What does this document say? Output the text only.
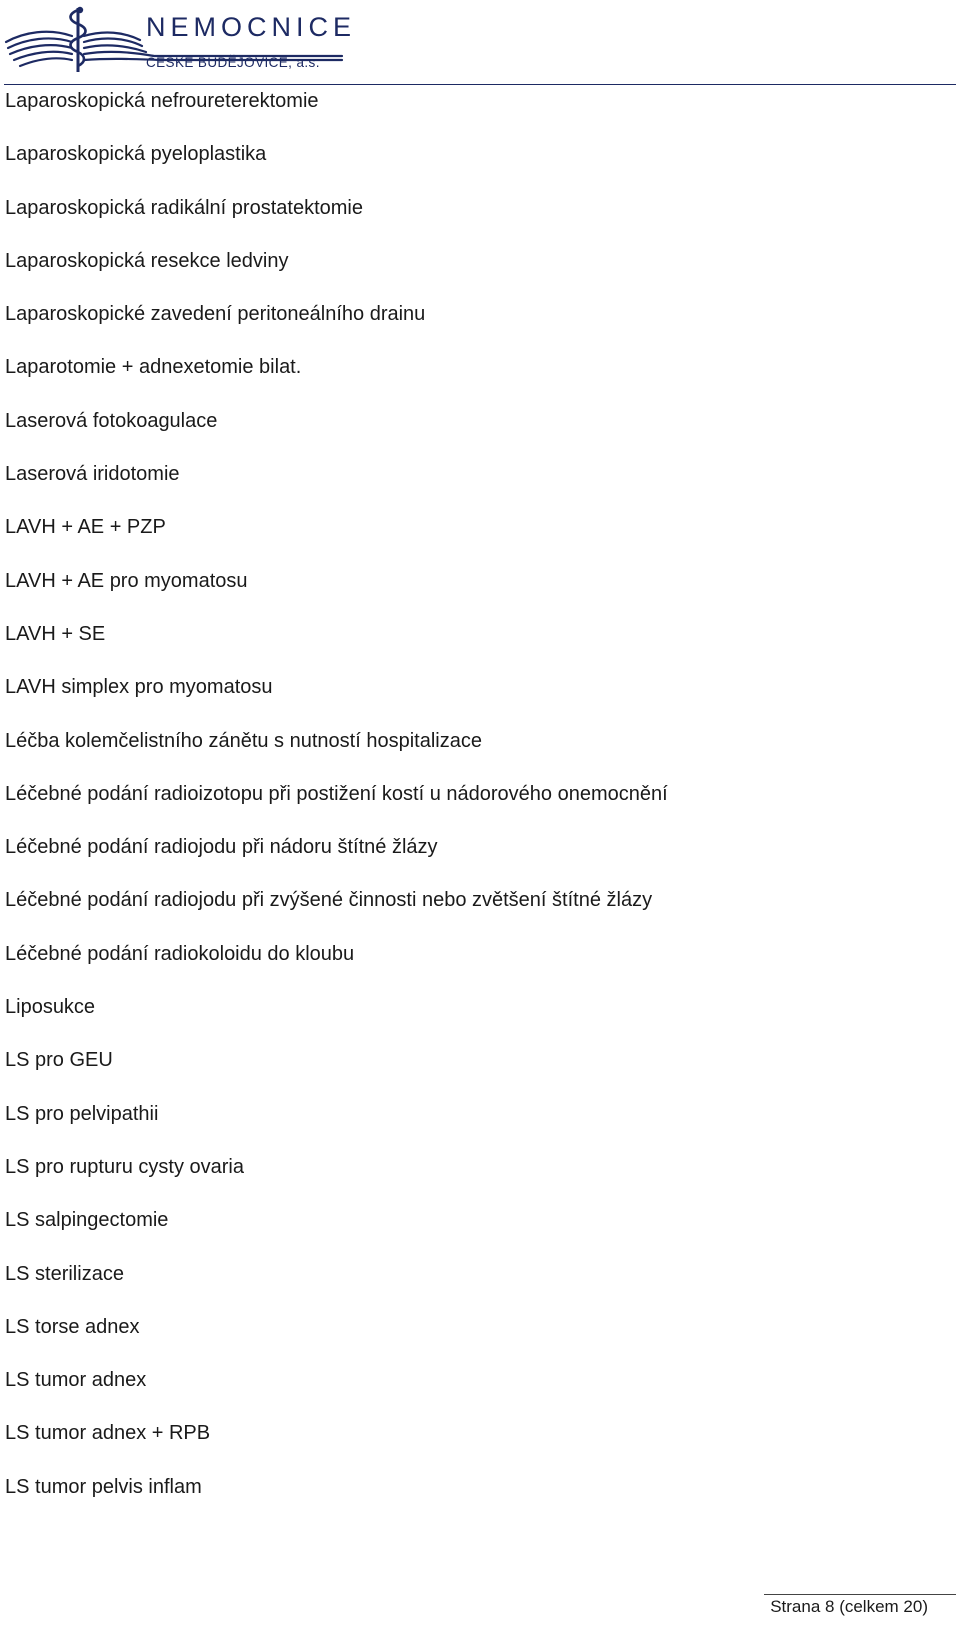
NEMOCNICE
ČESKÉ BUDĚJOVICE, a.s.
Laparoskopická nefroureterektomie
Laparoskopická pyeloplastika
Laparoskopická radikální prostatektomie
Laparoskopická resekce ledviny
Laparoskopické zavedení peritoneálního drainu
Laparotomie + adnexetomie bilat.
Laserová fotokoagulace
Laserová iridotomie
LAVH + AE + PZP
LAVH + AE pro myomatosu
LAVH + SE
LAVH simplex pro myomatosu
Léčba kolemčelistního zánětu s nutností hospitalizace
Léčebné podání radioizotopu při postižení kostí u nádorového onemocnění
Léčebné podání radiojodu při nádoru štítné žlázy
Léčebné podání radiojodu při zvýšené činnosti nebo zvětšení štítné žlázy
Léčebné podání radiokoloidu do kloubu
Liposukce
LS pro GEU
LS pro pelvipathii
LS pro rupturu cysty ovaria
LS salpingectomie
LS sterilizace
LS torse adnex
LS tumor adnex
LS tumor adnex + RPB
LS tumor pelvis inflam
Strana 8 (celkem 20)
